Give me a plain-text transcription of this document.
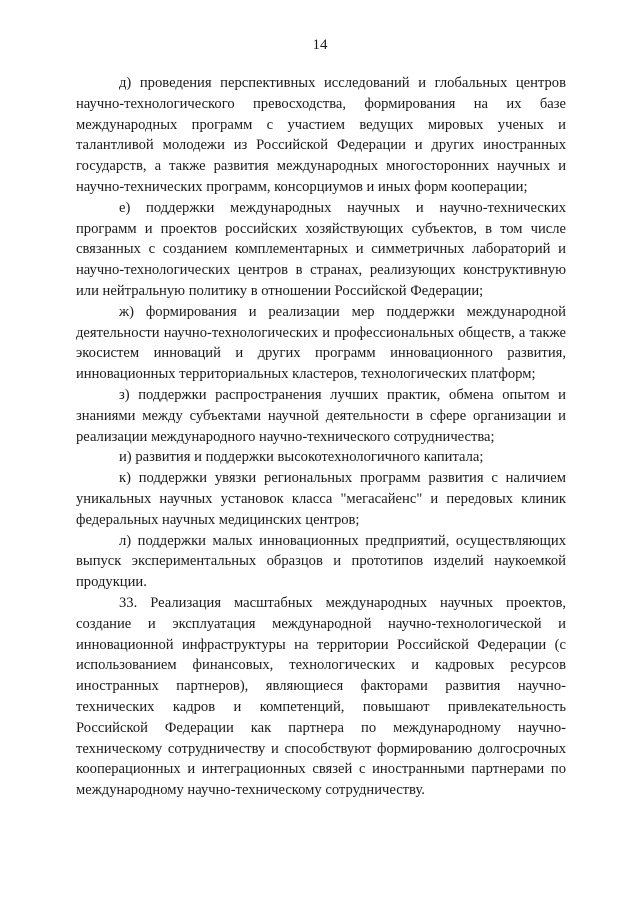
14

д) проведения перспективных исследований и глобальных центров научно-технологического превосходства, формирования на их базе международных программ с участием ведущих мировых ученых и талантливой молодежи из Российской Федерации и других иностранных государств, а также развития международных многосторонних научных и научно-технических программ, консорциумов и иных форм кооперации;

е) поддержки международных научных и научно-технических программ и проектов российских хозяйствующих субъектов, в том числе связанных с созданием комплементарных и симметричных лабораторий и научно-технологических центров в странах, реализующих конструктивную или нейтральную политику в отношении Российской Федерации;

ж) формирования и реализации мер поддержки международной деятельности научно-технологических и профессиональных обществ, а также экосистем инноваций и других программ инновационного развития, инновационных территориальных кластеров, технологических платформ;

з) поддержки распространения лучших практик, обмена опытом и знаниями между субъектами научной деятельности в сфере организации и реализации международного научно-технического сотрудничества;

и) развития и поддержки высокотехнологичного капитала;

к) поддержки увязки региональных программ развития с наличием уникальных научных установок класса "мегасайенс" и передовых клиник федеральных научных медицинских центров;

л) поддержки малых инновационных предприятий, осуществляющих выпуск экспериментальных образцов и прототипов изделий наукоемкой продукции.

33. Реализация масштабных международных научных проектов, создание и эксплуатация международной научно-технологической и инновационной инфраструктуры на территории Российской Федерации (с использованием финансовых, технологических и кадровых ресурсов иностранных партнеров), являющиеся факторами развития научно-технических кадров и компетенций, повышают привлекательность Российской Федерации как партнера по международному научно-техническому сотрудничеству и способствуют формированию долгосрочных кооперационных и интеграционных связей с иностранными партнерами по международному научно-техническому сотрудничеству.
